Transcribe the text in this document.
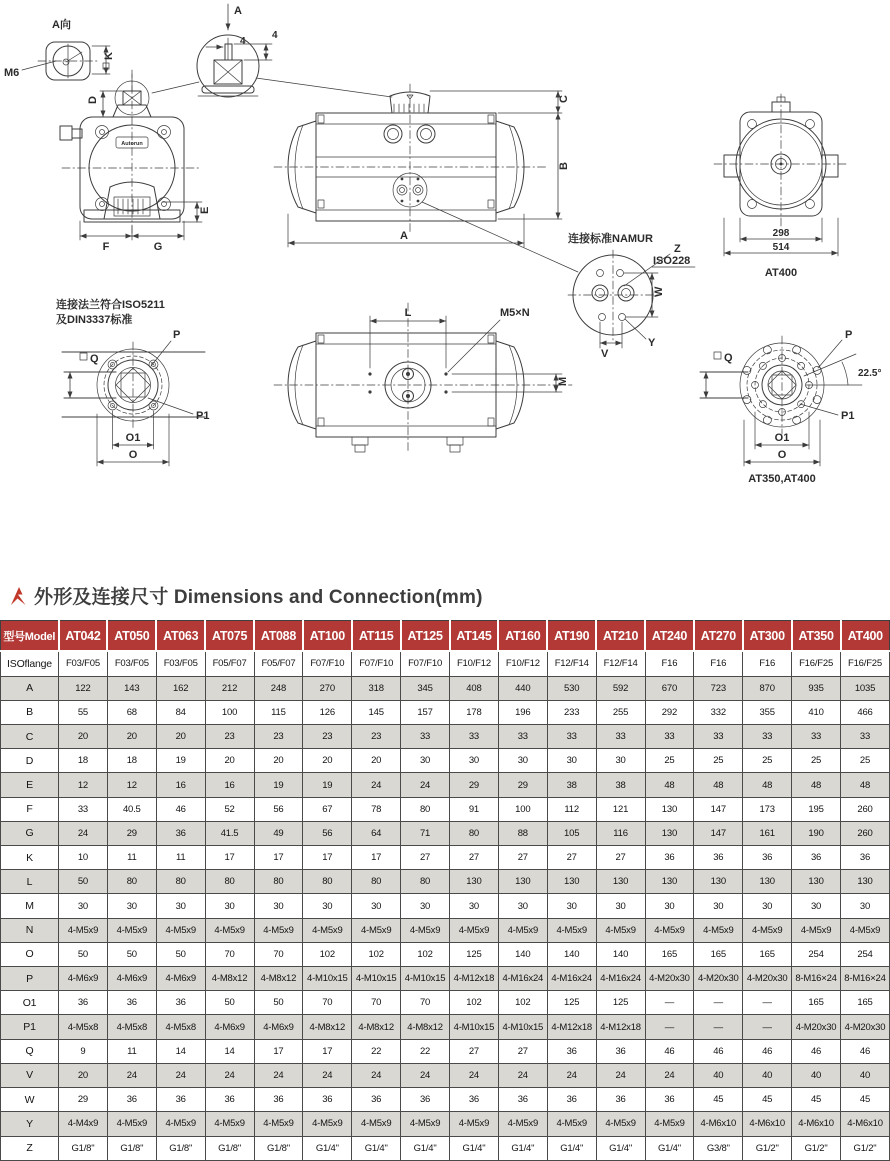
A向
M6
K
A
4
4
Autorun
D
E
F	G
A
B
C
连接标准NAMUR
Z
ISO228
W
V
Y
298
514
AT400
连接法兰符合ISO5211
及DIN3337标准
Q
P
P1
O1
O
L	M5×N
M
Q
P
22.5°
P1
O1
O
AT350,AT400
外形及连接尺寸 Dimensions and Connection(mm)
型号Model	AT042	AT050	AT063	AT075	AT088	AT100	AT115	AT125	AT145	AT160	AT190	AT210	AT240	AT270	AT300	AT350	AT400
ISOflange	F03/F05	F03/F05	F03/F05	F05/F07	F05/F07	F07/F10	F07/F10	F07/F10	F10/F12	F10/F12	F12/F14	F12/F14	F16	F16	F16	F16/F25	F16/F25
A	122	143	162	212	248	270	318	345	408	440	530	592	670	723	870	935	1035
B	55	68	84	100	115	126	145	157	178	196	233	255	292	332	355	410	466
C	20	20	20	23	23	23	23	33	33	33	33	33	33	33	33	33	33
D	18	18	19	20	20	20	20	30	30	30	30	30	25	25	25	25	25
E	12	12	16	16	19	19	24	24	29	29	38	38	48	48	48	48	48
F	33	40.5	46	52	56	67	78	80	91	100	112	121	130	147	173	195	260
G	24	29	36	41.5	49	56	64	71	80	88	105	116	130	147	161	190	260
K	10	11	11	17	17	17	17	27	27	27	27	27	36	36	36	36	36
L	50	80	80	80	80	80	80	80	130	130	130	130	130	130	130	130	130
M	30	30	30	30	30	30	30	30	30	30	30	30	30	30	30	30	30
N	4-M5x9	4-M5x9	4-M5x9	4-M5x9	4-M5x9	4-M5x9	4-M5x9	4-M5x9	4-M5x9	4-M5x9	4-M5x9	4-M5x9	4-M5x9	4-M5x9	4-M5x9	4-M5x9	4-M5x9
O	50	50	50	70	70	102	102	102	125	140	140	140	165	165	165	254	254
P	4-M6x9	4-M6x9	4-M6x9	4-M8x12	4-M8x12	4-M10x15	4-M10x15	4-M10x15	4-M12x18	4-M16x24	4-M16x24	4-M16x24	4-M20x30	4-M20x30	4-M20x30	8-M16×24	8-M16×24
O1	36	36	36	50	50	70	70	70	102	102	125	125	—	—	—	165	165
P1	4-M5x8	4-M5x8	4-M5x8	4-M6x9	4-M6x9	4-M8x12	4-M8x12	4-M8x12	4-M10x15	4-M10x15	4-M12x18	4-M12x18	—	—	—	4-M20x30	4-M20x30
Q	9	11	14	14	17	17	22	22	27	27	36	36	46	46	46	46	46
V	20	24	24	24	24	24	24	24	24	24	24	24	24	40	40	40	40
W	29	36	36	36	36	36	36	36	36	36	36	36	36	45	45	45	45
Y	4-M4x9	4-M5x9	4-M5x9	4-M5x9	4-M5x9	4-M5x9	4-M5x9	4-M5x9	4-M5x9	4-M5x9	4-M5x9	4-M5x9	4-M5x9	4-M6x10	4-M6x10	4-M6x10	4-M6x10
Z	G1/8"	G1/8"	G1/8"	G1/8"	G1/8"	G1/4"	G1/4"	G1/4"	G1/4"	G1/4"	G1/4"	G1/4"	G1/4"	G3/8"	G1/2"	G1/2"	G1/2"
